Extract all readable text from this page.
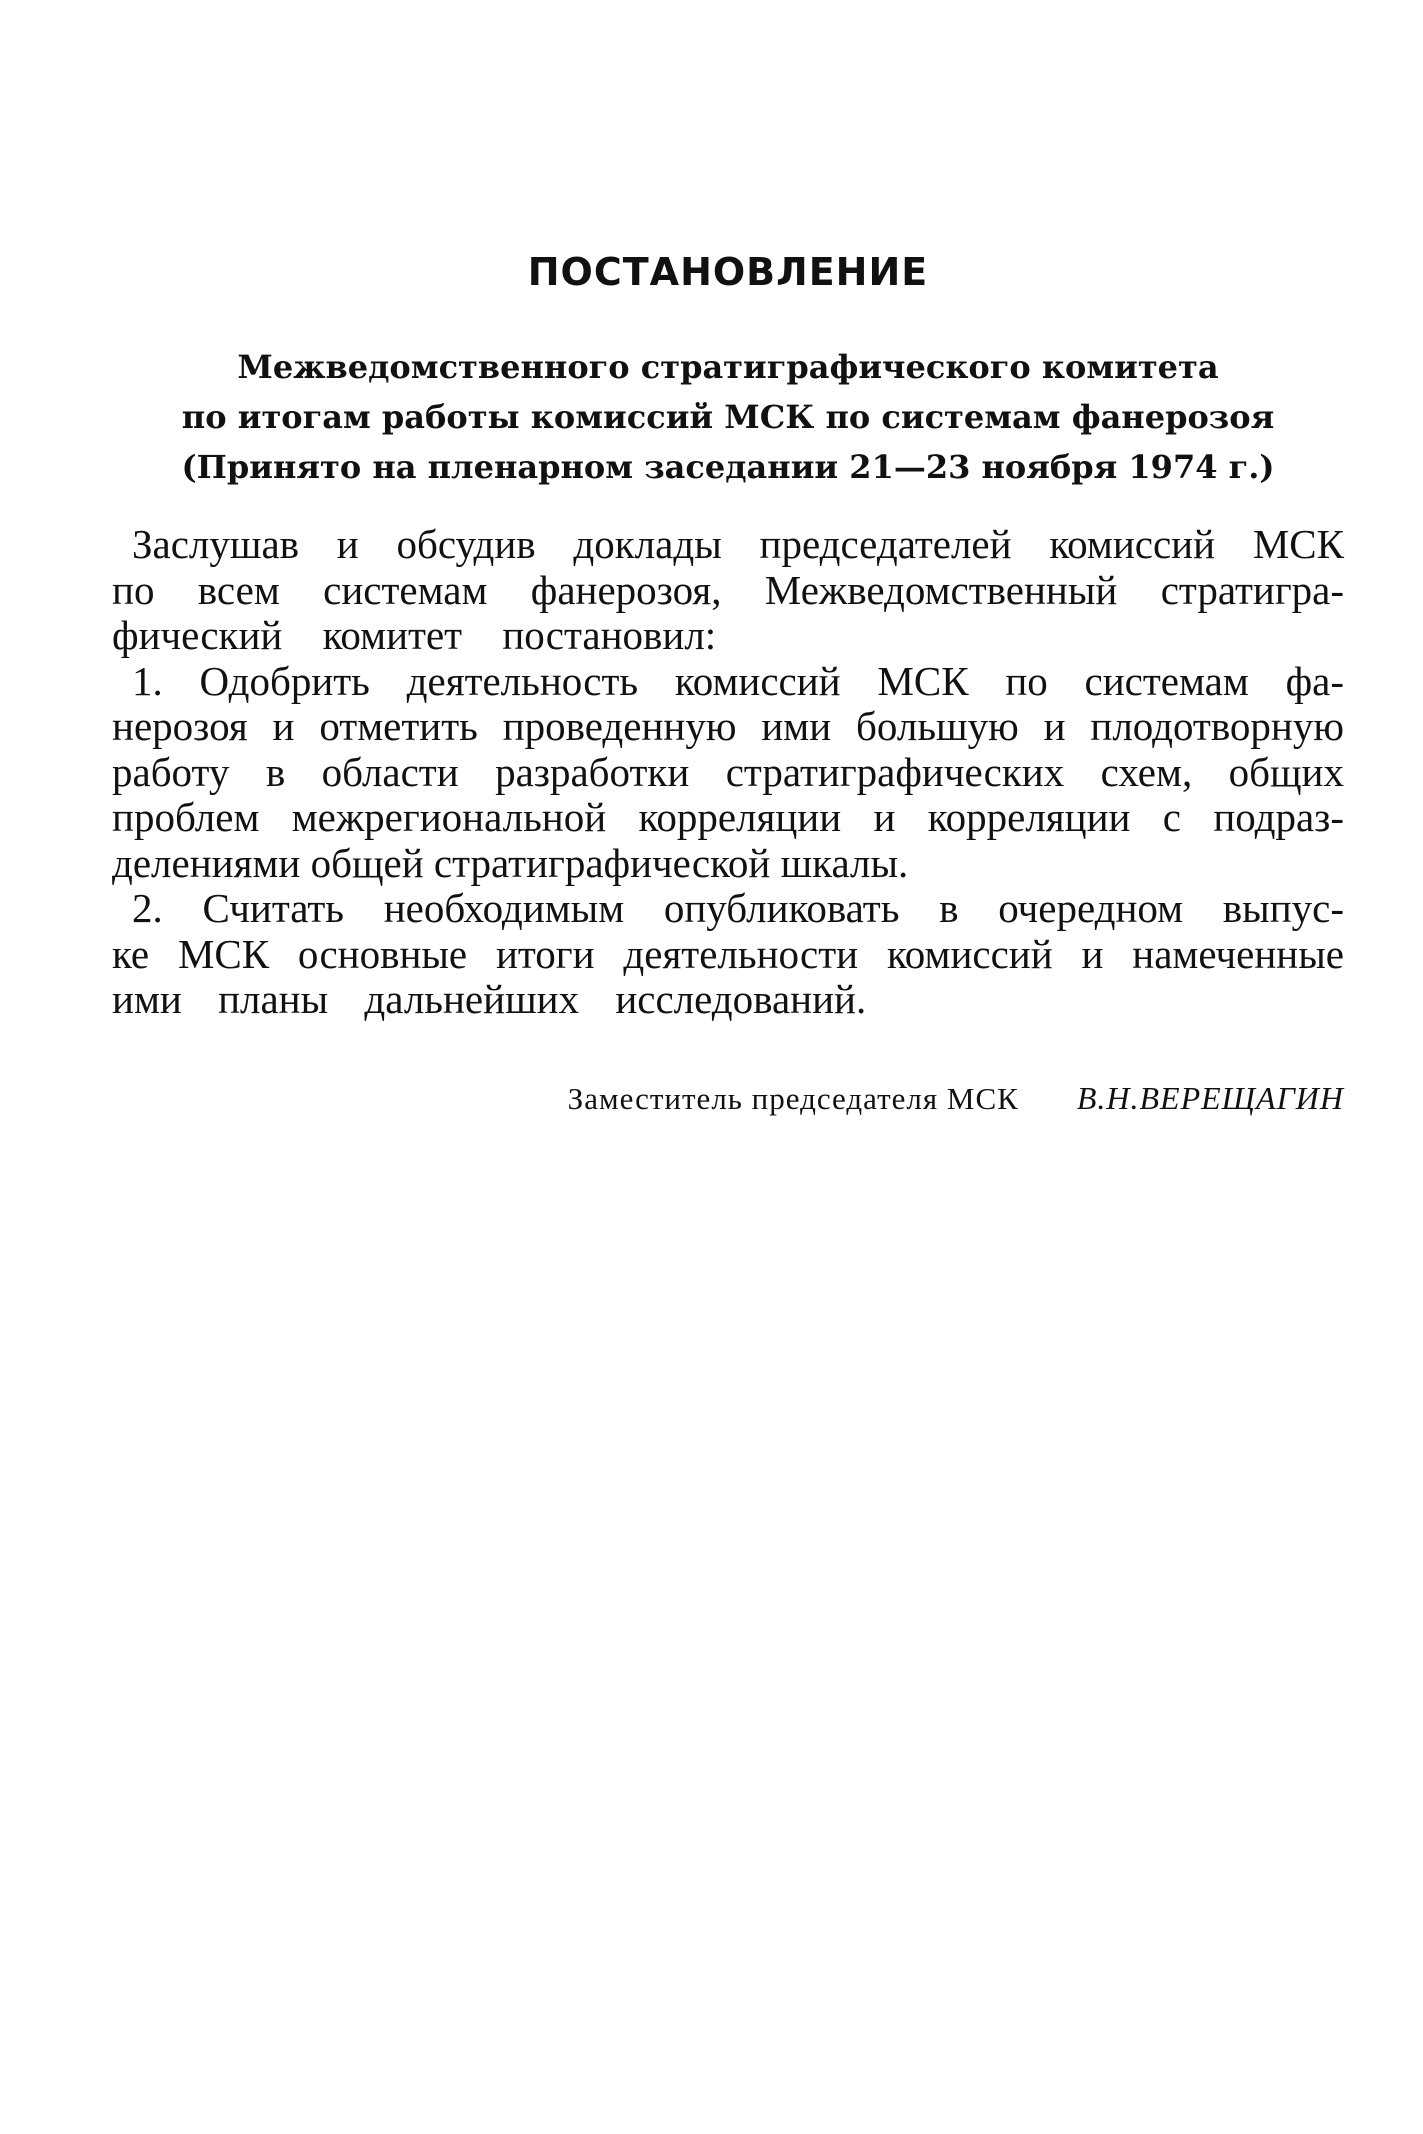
ПОСТАНОВЛЕНИЕ
Межведомственного стратиграфического комитета
по итогам работы комиссий МСК по системам фанерозоя
(Принято на пленарном заседании 21—23 ноября 1974 г.)
Заслушав и обсудив доклады председателей комиссий МСК
по всем системам фанерозоя, Межведомственный стратигра-
фический комитет постановил:
1. Одобрить деятельность комиссий МСК по системам фа-
нерозоя и отметить проведенную ими большую и плодотворную
работу в области разработки стратиграфических схем, общих
проблем межрегиональной корреляции и корреляции с подраз-
делениями общей стратиграфической шкалы.
2. Считать необходимым опубликовать в очередном выпус-
ке МСК основные итоги деятельности комиссий и намеченные
ими планы дальнейших исследований.
Заместитель председателя МСК В.Н.ВЕРЕЩАГИН
